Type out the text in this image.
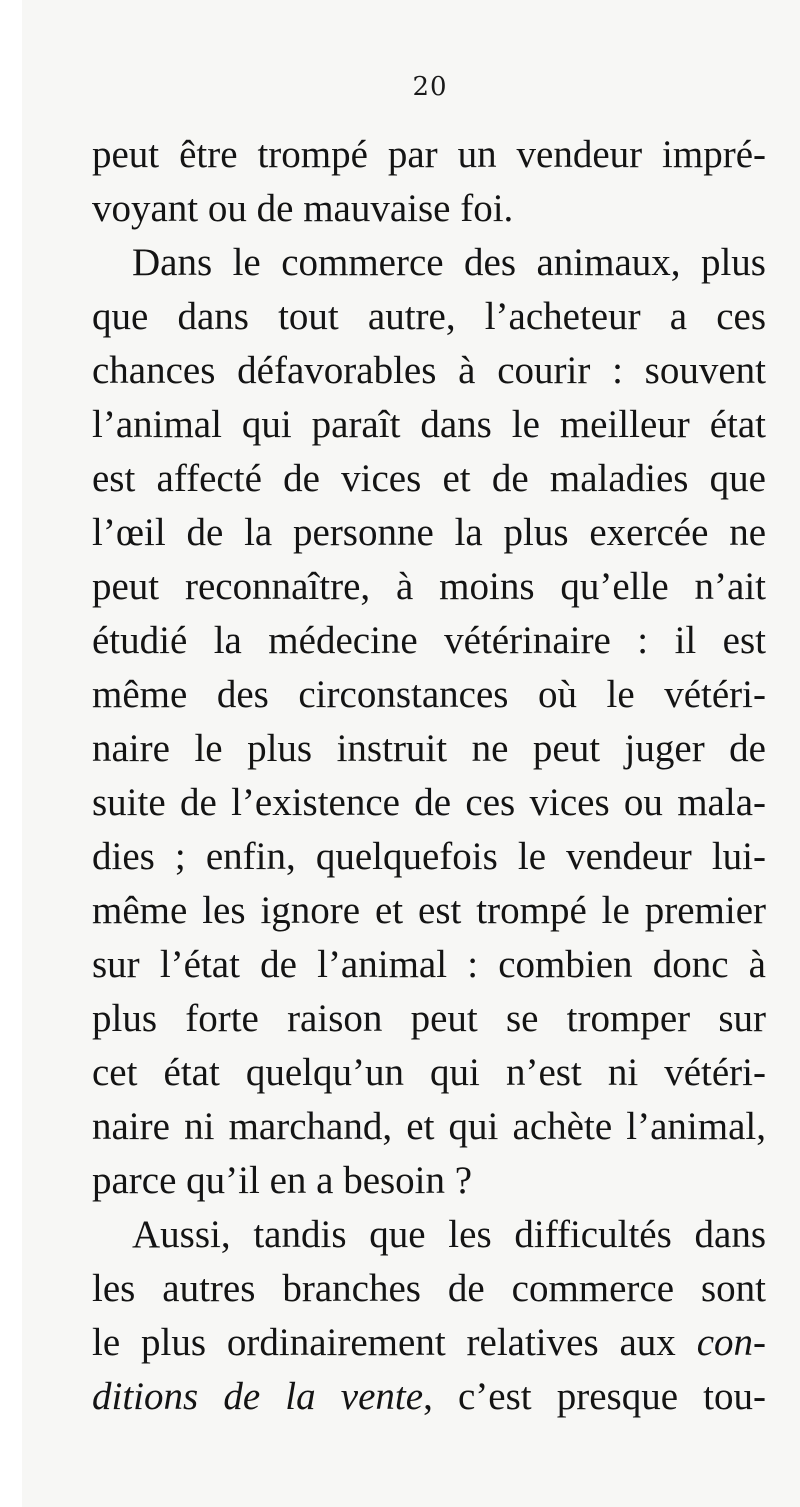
20
peut être trompé par un vendeur impré-
voyant ou de mauvaise foi.
Dans le commerce des animaux, plus
que dans tout autre, l’acheteur a ces
chances défavorables à courir : souvent
l’animal qui paraît dans le meilleur état
est affecté de vices et de maladies que
l’œil de la personne la plus exercée ne
peut reconnaître, à moins qu’elle n’ait
étudié la médecine vétérinaire : il est
même des circonstances où le vétéri-
naire le plus instruit ne peut juger de
suite de l’existence de ces vices ou mala-
dies ; enfin, quelquefois le vendeur lui-
même les ignore et est trompé le premier
sur l’état de l’animal : combien donc à
plus forte raison peut se tromper sur
cet état quelqu’un qui n’est ni vétéri-
naire ni marchand, et qui achète l’animal,
parce qu’il en a besoin ?
Aussi, tandis que les difficultés dans
les autres branches de commerce sont
le plus ordinairement relatives aux con-
ditions de la vente, c’est presque tou-
